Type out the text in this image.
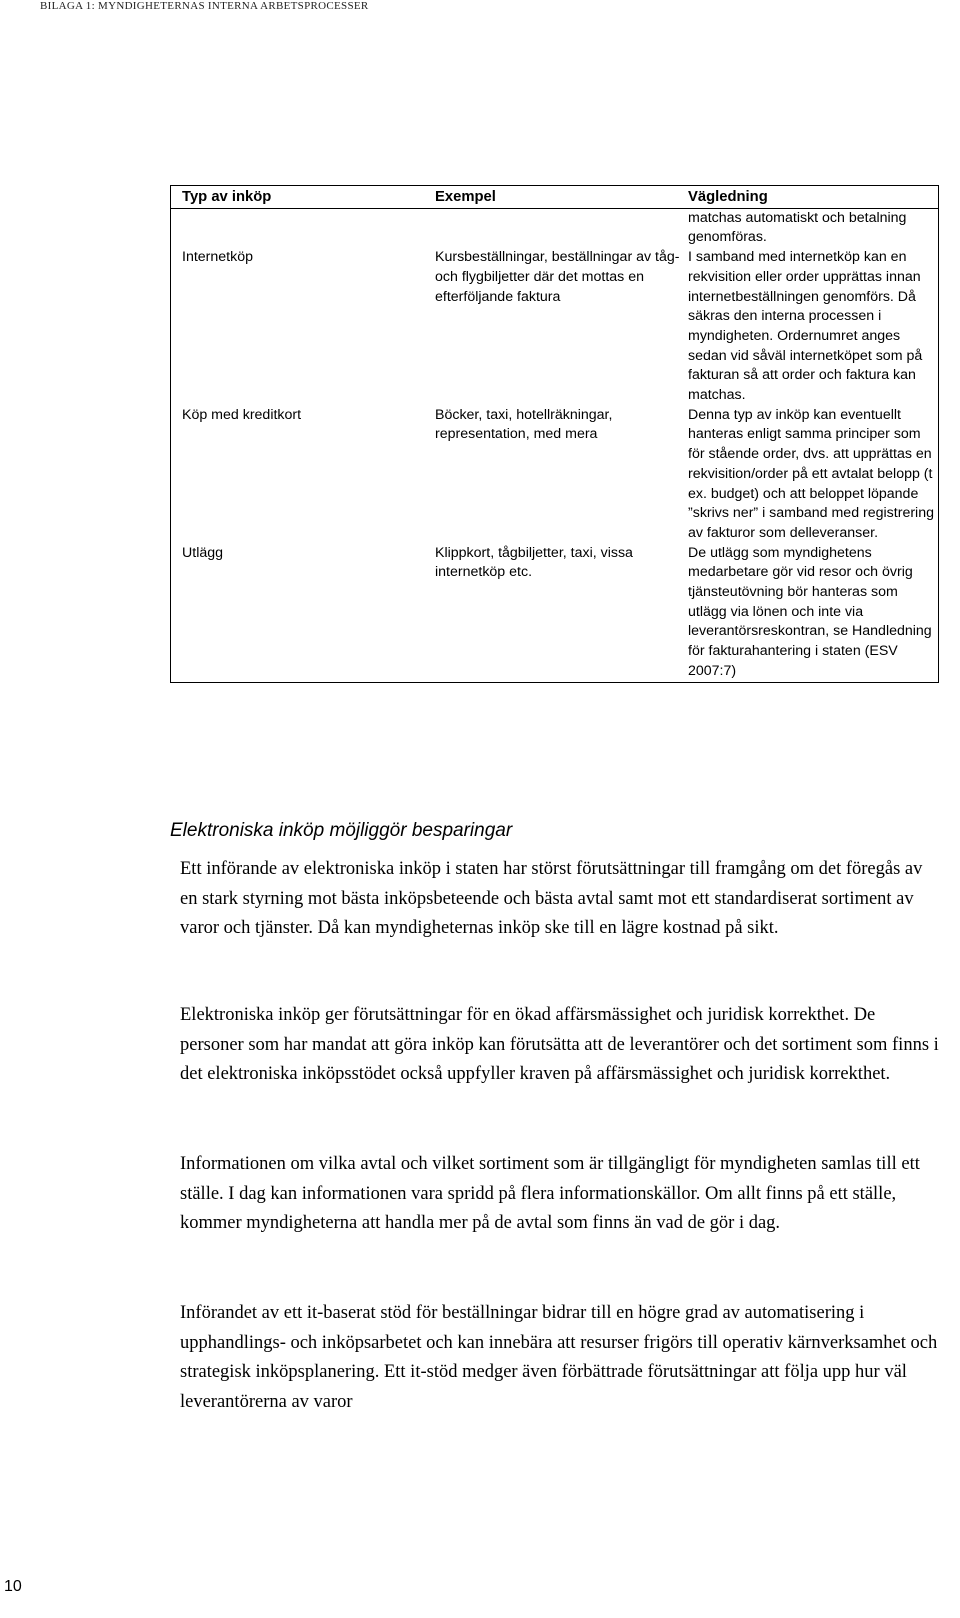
BILAGA 1: MYNDIGHETERNAS INTERNA ARBETSPROCESSER
Typ av inköp	Exempel	Vägledning
		matchas automatiskt och betalning genomföras.
Internetköp	Kursbeställningar, beställningar av tåg- och flygbiljetter där det mottas en efterföljande faktura	I samband med internetköp kan en rekvisition eller order upprättas innan internetbeställningen genomförs. Då säkras den interna processen i myndigheten. Ordernumret anges sedan vid såväl internetköpet som på fakturan så att order och faktura kan matchas.
Köp med kreditkort	Böcker, taxi, hotellräkningar, representation, med mera	Denna typ av inköp kan eventuellt hanteras enligt samma principer som för stående order, dvs. att upprättas en rekvisition/order på ett avtalat belopp (t ex. budget) och att beloppet löpande ”skrivs ner” i samband med registrering av fakturor som delleveranser.
Utlägg	Klippkort, tågbiljetter, taxi, vissa internetköp etc.	De utlägg som myndighetens medarbetare gör vid resor och övrig tjänsteutövning bör hanteras som utlägg via lönen och inte via leverantörsreskontran, se Handledning för fakturahantering i staten (ESV 2007:7)
Elektroniska inköp möjliggör besparingar

Ett införande av elektroniska inköp i staten har störst förutsättningar till framgång om det föregås av en stark styrning mot bästa inköpsbeteende och bästa avtal samt mot ett standardiserat sortiment av varor och tjänster. Då kan myndigheternas inköp ske till en lägre kostnad på sikt.

Elektroniska inköp ger förutsättningar för en ökad affärsmässighet och juridisk korrekthet. De personer som har mandat att göra inköp kan förutsätta att de leverantörer och det sortiment som finns i det elektroniska inköpsstödet också uppfyller kraven på affärsmässighet och juridisk korrekthet.

Informationen om vilka avtal och vilket sortiment som är tillgängligt för myndigheten samlas till ett ställe. I dag kan informationen vara spridd på flera informationskällor. Om allt finns på ett ställe, kommer myndigheterna att handla mer på de avtal som finns än vad de gör i dag.

Införandet av ett it-baserat stöd för beställningar bidrar till en högre grad av automatisering i upphandlings- och inköpsarbetet och kan innebära att resurser frigörs till operativ kärnverksamhet och strategisk inköpsplanering. Ett it-stöd medger även förbättrade förutsättningar att följa upp hur väl leverantörerna av varor

10
